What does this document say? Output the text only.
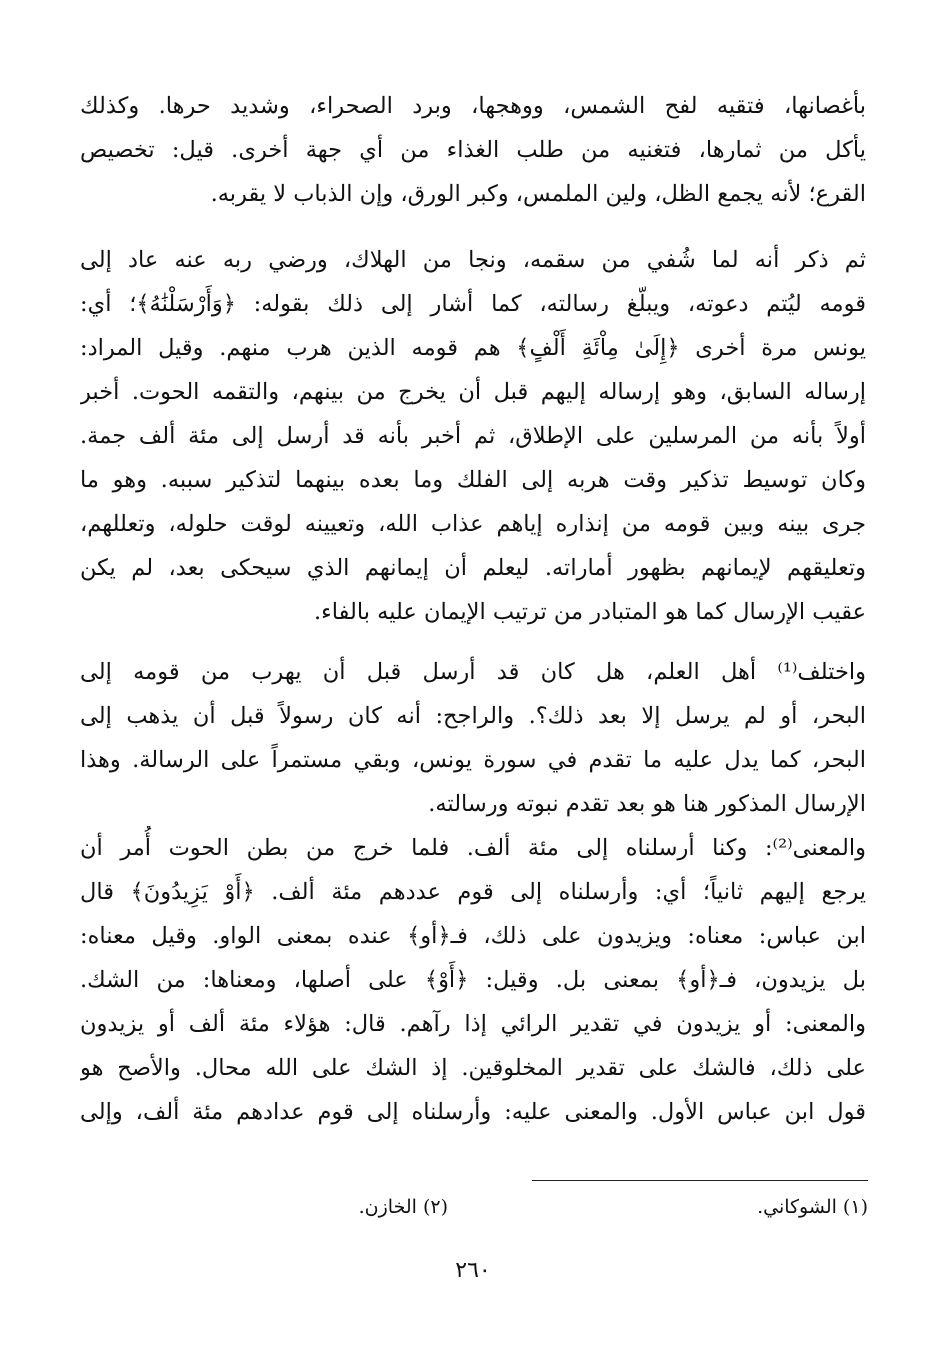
بأغصانها، فتقيه لفح الشمس، ووهجها، وبرد الصحراء، وشديد حرها. وكذلك
يأكل من ثمارها، فتغنيه من طلب الغذاء من أي جهة أخرى. قيل: تخصيص
القرع؛ لأنه يجمع الظل، ولين الملمس، وكبر الورق، وإن الذباب لا يقربه.
ثم ذكر أنه لما شُفي من سقمه، ونجا من الهلاك، ورضي ربه عنه عاد إلى
قومه ليُتم دعوته، ويبلّغ رسالته، كما أشار إلى ذلك بقوله: ﴿وَأَرْسَلْنَٰهُ﴾؛ أي:
يونس مرة أخرى ﴿إِلَىٰ مِاْئَةِ أَلْفٍ﴾ هم قومه الذين هرب منهم. وقيل المراد:
إرساله السابق، وهو إرساله إليهم قبل أن يخرج من بينهم، والتقمه الحوت. أخبر
أولاً بأنه من المرسلين على الإطلاق، ثم أخبر بأنه قد أرسل إلى مئة ألف جمة.
وكان توسيط تذكير وقت هربه إلى الفلك وما بعده بينهما لتذكير سببه. وهو ما
جرى بينه وبين قومه من إنذاره إياهم عذاب الله، وتعيينه لوقت حلوله، وتعللهم،
وتعليقهم لإيمانهم بظهور أماراته. ليعلم أن إيمانهم الذي سيحكى بعد، لم يكن
عقيب الإرسال كما هو المتبادر من ترتيب الإيمان عليه بالفاء.
واختلف⁽¹⁾ أهل العلم، هل كان قد أرسل قبل أن يهرب من قومه إلى
البحر، أو لم يرسل إلا بعد ذلك؟. والراجح: أنه كان رسولاً قبل أن يذهب إلى
البحر، كما يدل عليه ما تقدم في سورة يونس، وبقي مستمراً على الرسالة. وهذا
الإرسال المذكور هنا هو بعد تقدم نبوته ورسالته.
والمعنى⁽²⁾: وكنا أرسلناه إلى مئة ألف. فلما خرج من بطن الحوت أُمر أن
يرجع إليهم ثانياً؛ أي: وأرسلناه إلى قوم عددهم مئة ألف. ﴿أَوْ يَزِيدُونَ﴾ قال
ابن عباس: معناه: ويزيدون على ذلك، فـ﴿أو﴾ عنده بمعنى الواو. وقيل معناه:
بل يزيدون، فـ﴿أو﴾ بمعنى بل. وقيل: ﴿أَوْ﴾ على أصلها، ومعناها: من الشك.
والمعنى: أو يزيدون في تقدير الرائي إذا رآهم. قال: هؤلاء مئة ألف أو يزيدون
على ذلك، فالشك على تقدير المخلوقين. إذ الشك على الله محال. والأصح هو
قول ابن عباس الأول. والمعنى عليه: وأرسلناه إلى قوم عدادهم مئة ألف، وإلى
(١) الشوكاني.
(٢) الخازن.
٢٦٠
